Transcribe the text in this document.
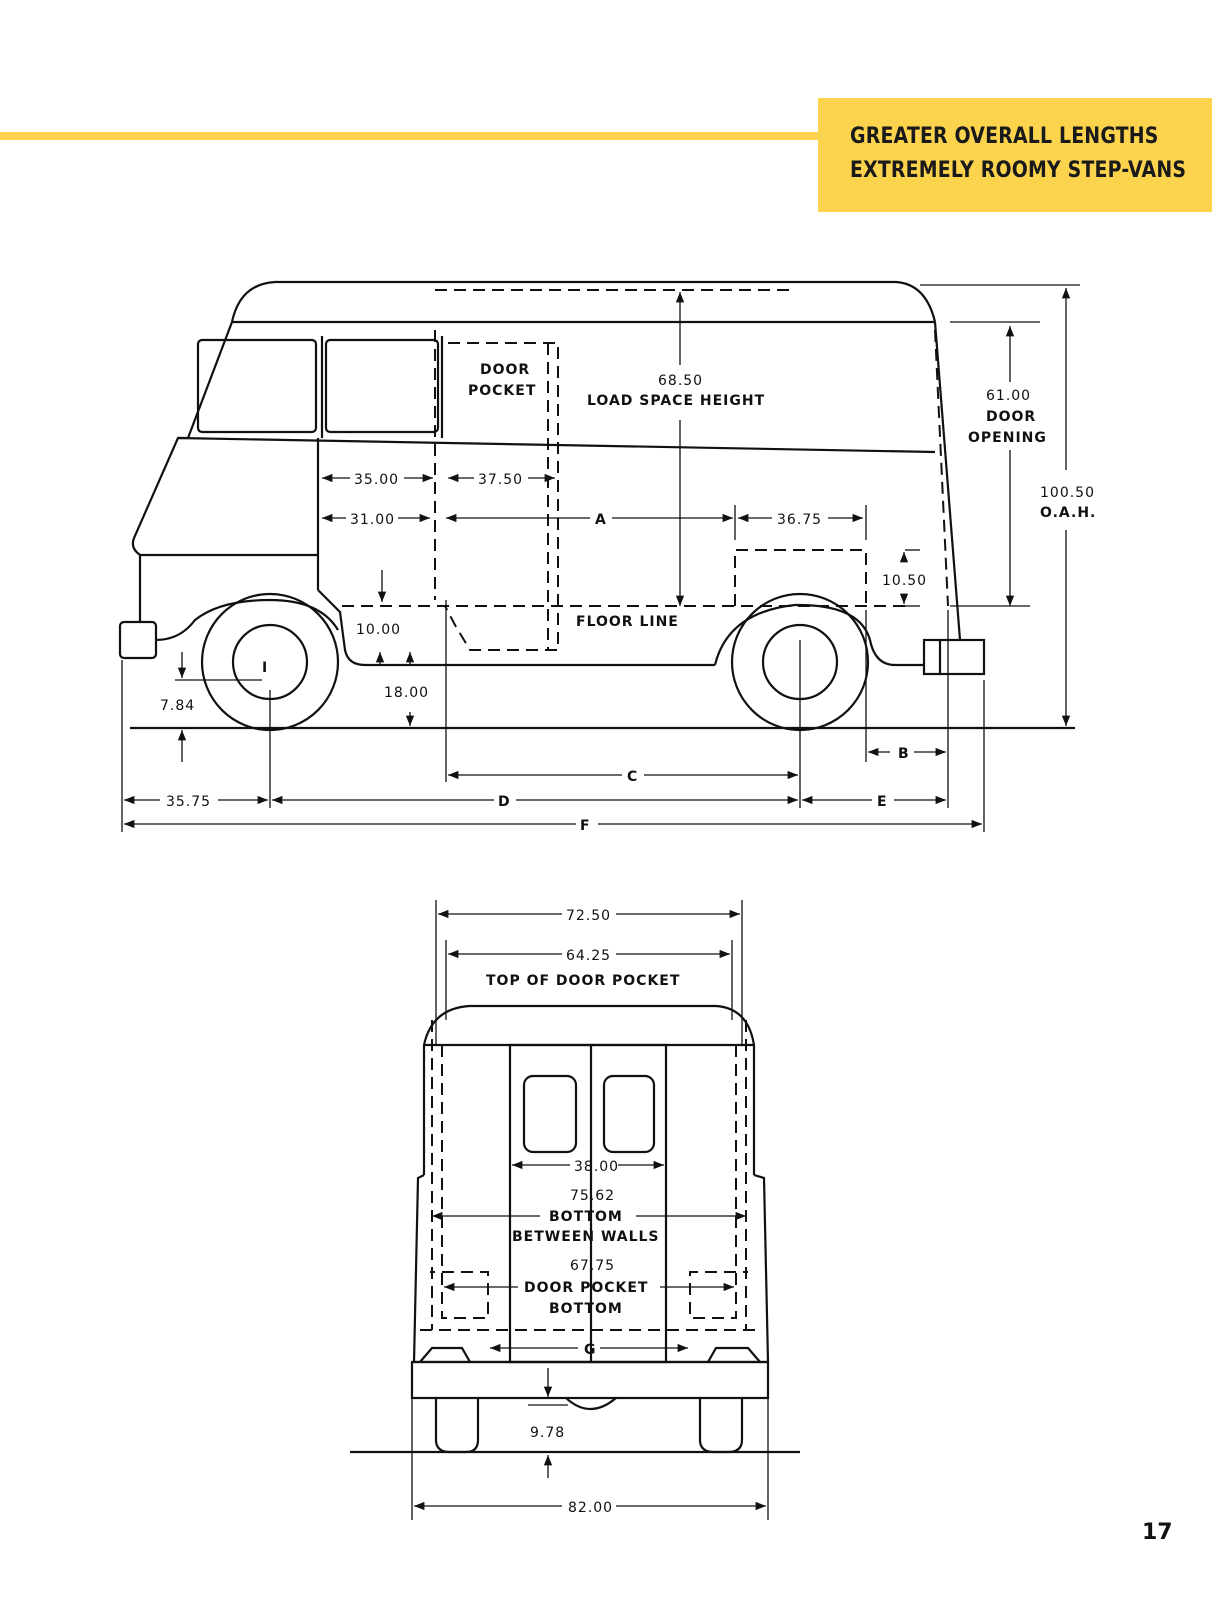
GREATER OVERALL LENGTHS
EXTREMELY ROOMY STEP-VANS
I
DOOR
POCKET
68.50
LOAD SPACE HEIGHT	61.00
DOOR
OPENING
100.50
O.A.H.
35.00	37.50
31.00	A	36.75
10.50
FLOOR LINE
10.00
18.00
7.84
B
C
35.75	D	E
F
72.50
64.25
TOP OF DOOR POCKET
38.00
75.62
BOTTOM
BETWEEN WALLS
67.75
DOOR POCKET
BOTTOM
G
9.78
82.00
17
